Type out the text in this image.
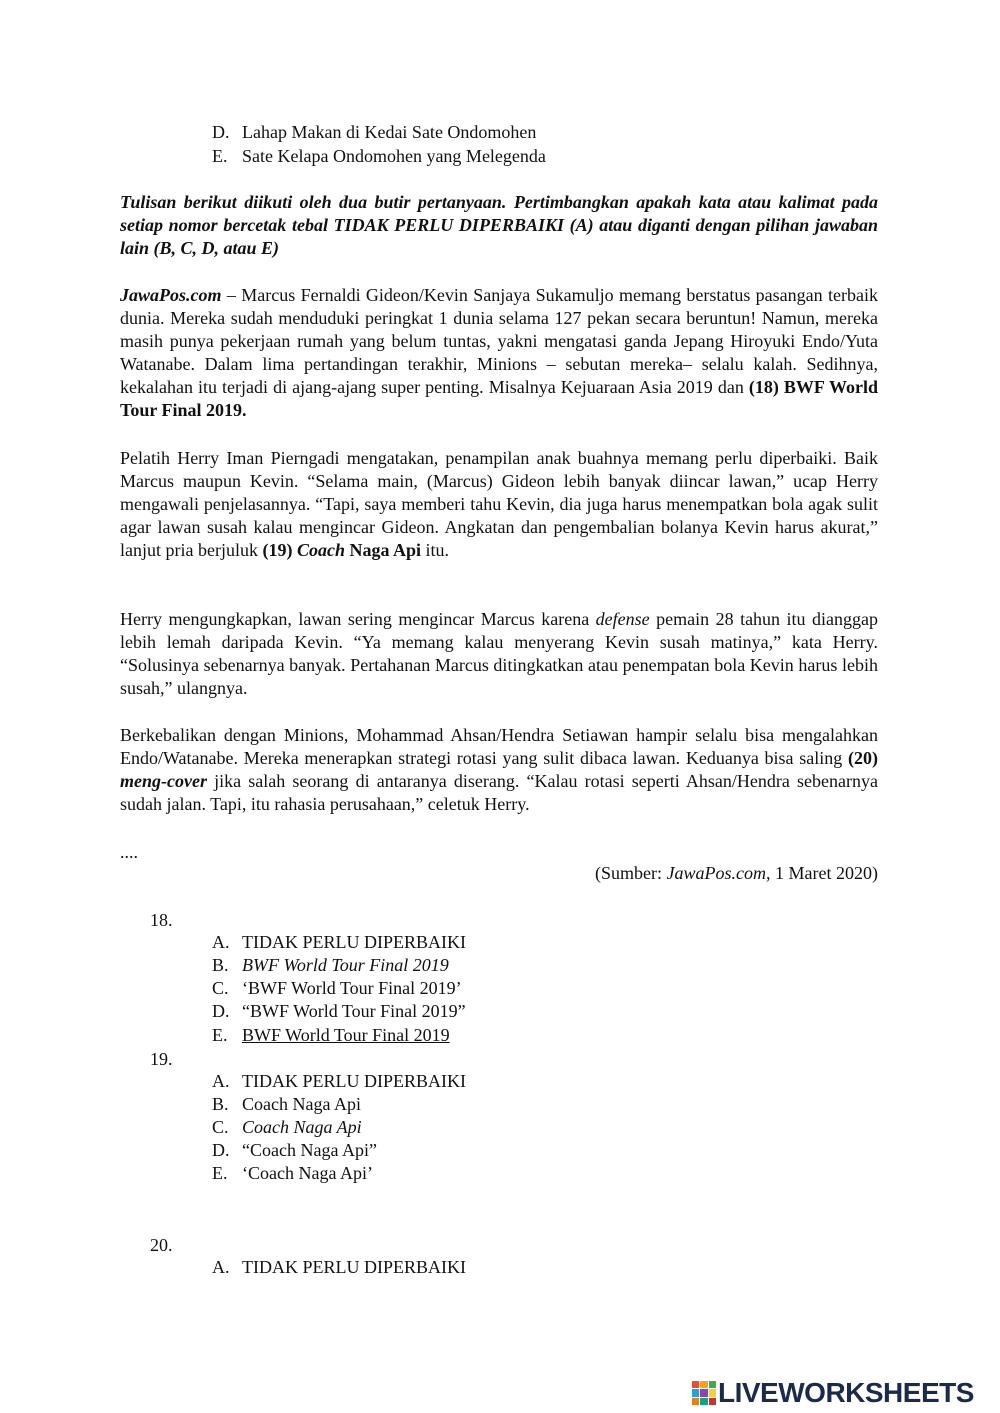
D. Lahap Makan di Kedai Sate Ondomohen
E. Sate Kelapa Ondomohen yang Melegenda
Tulisan berikut diikuti oleh dua butir pertanyaan. Pertimbangkan apakah kata atau kalimat pada setiap nomor bercetak tebal TIDAK PERLU DIPERBAIKI (A) atau diganti dengan pilihan jawaban lain (B, C, D, atau E)
JawaPos.com – Marcus Fernaldi Gideon/Kevin Sanjaya Sukamuljo memang berstatus pasangan terbaik dunia. Mereka sudah menduduki peringkat 1 dunia selama 127 pekan secara beruntun! Namun, mereka masih punya pekerjaan rumah yang belum tuntas, yakni mengatasi ganda Jepang Hiroyuki Endo/Yuta Watanabe. Dalam lima pertandingan terakhir, Minions – sebutan mereka– selalu kalah. Sedihnya, kekalahan itu terjadi di ajang-ajang super penting. Misalnya Kejuaraan Asia 2019 dan (18) BWF World Tour Final 2019.
Pelatih Herry Iman Pierngadi mengatakan, penampilan anak buahnya memang perlu diperbaiki. Baik Marcus maupun Kevin. “Selama main, (Marcus) Gideon lebih banyak diincar lawan,” ucap Herry mengawali penjelasannya. “Tapi, saya memberi tahu Kevin, dia juga harus menempatkan bola agak sulit agar lawan susah kalau mengincar Gideon. Angkatan dan pengembalian bolanya Kevin harus akurat,” lanjut pria berjuluk (19) Coach Naga Api itu.
Herry mengungkapkan, lawan sering mengincar Marcus karena defense pemain 28 tahun itu dianggap lebih lemah daripada Kevin. “Ya memang kalau menyerang Kevin susah matinya,” kata Herry. “Solusinya sebenarnya banyak. Pertahanan Marcus ditingkatkan atau penempatan bola Kevin harus lebih susah,” ulangnya.
Berkebalikan dengan Minions, Mohammad Ahsan/Hendra Setiawan hampir selalu bisa mengalahkan Endo/Watanabe. Mereka menerapkan strategi rotasi yang sulit dibaca lawan. Keduanya bisa saling (20) meng-cover jika salah seorang di antaranya diserang. “Kalau rotasi seperti Ahsan/Hendra sebenarnya sudah jalan. Tapi, itu rahasia perusahaan,” celetuk Herry.
....
(Sumber: JawaPos.com, 1 Maret 2020)
18.
A. TIDAK PERLU DIPERBAIKI
B. BWF World Tour Final 2019
C. ‘BWF World Tour Final 2019’
D. “BWF World Tour Final 2019”
E. BWF World Tour Final 2019
19.
A. TIDAK PERLU DIPERBAIKI
B. Coach Naga Api
C. Coach Naga Api
D. “Coach Naga Api”
E. ‘Coach Naga Api’
20.
A. TIDAK PERLU DIPERBAIKI
LIVEWORKSHEETS
